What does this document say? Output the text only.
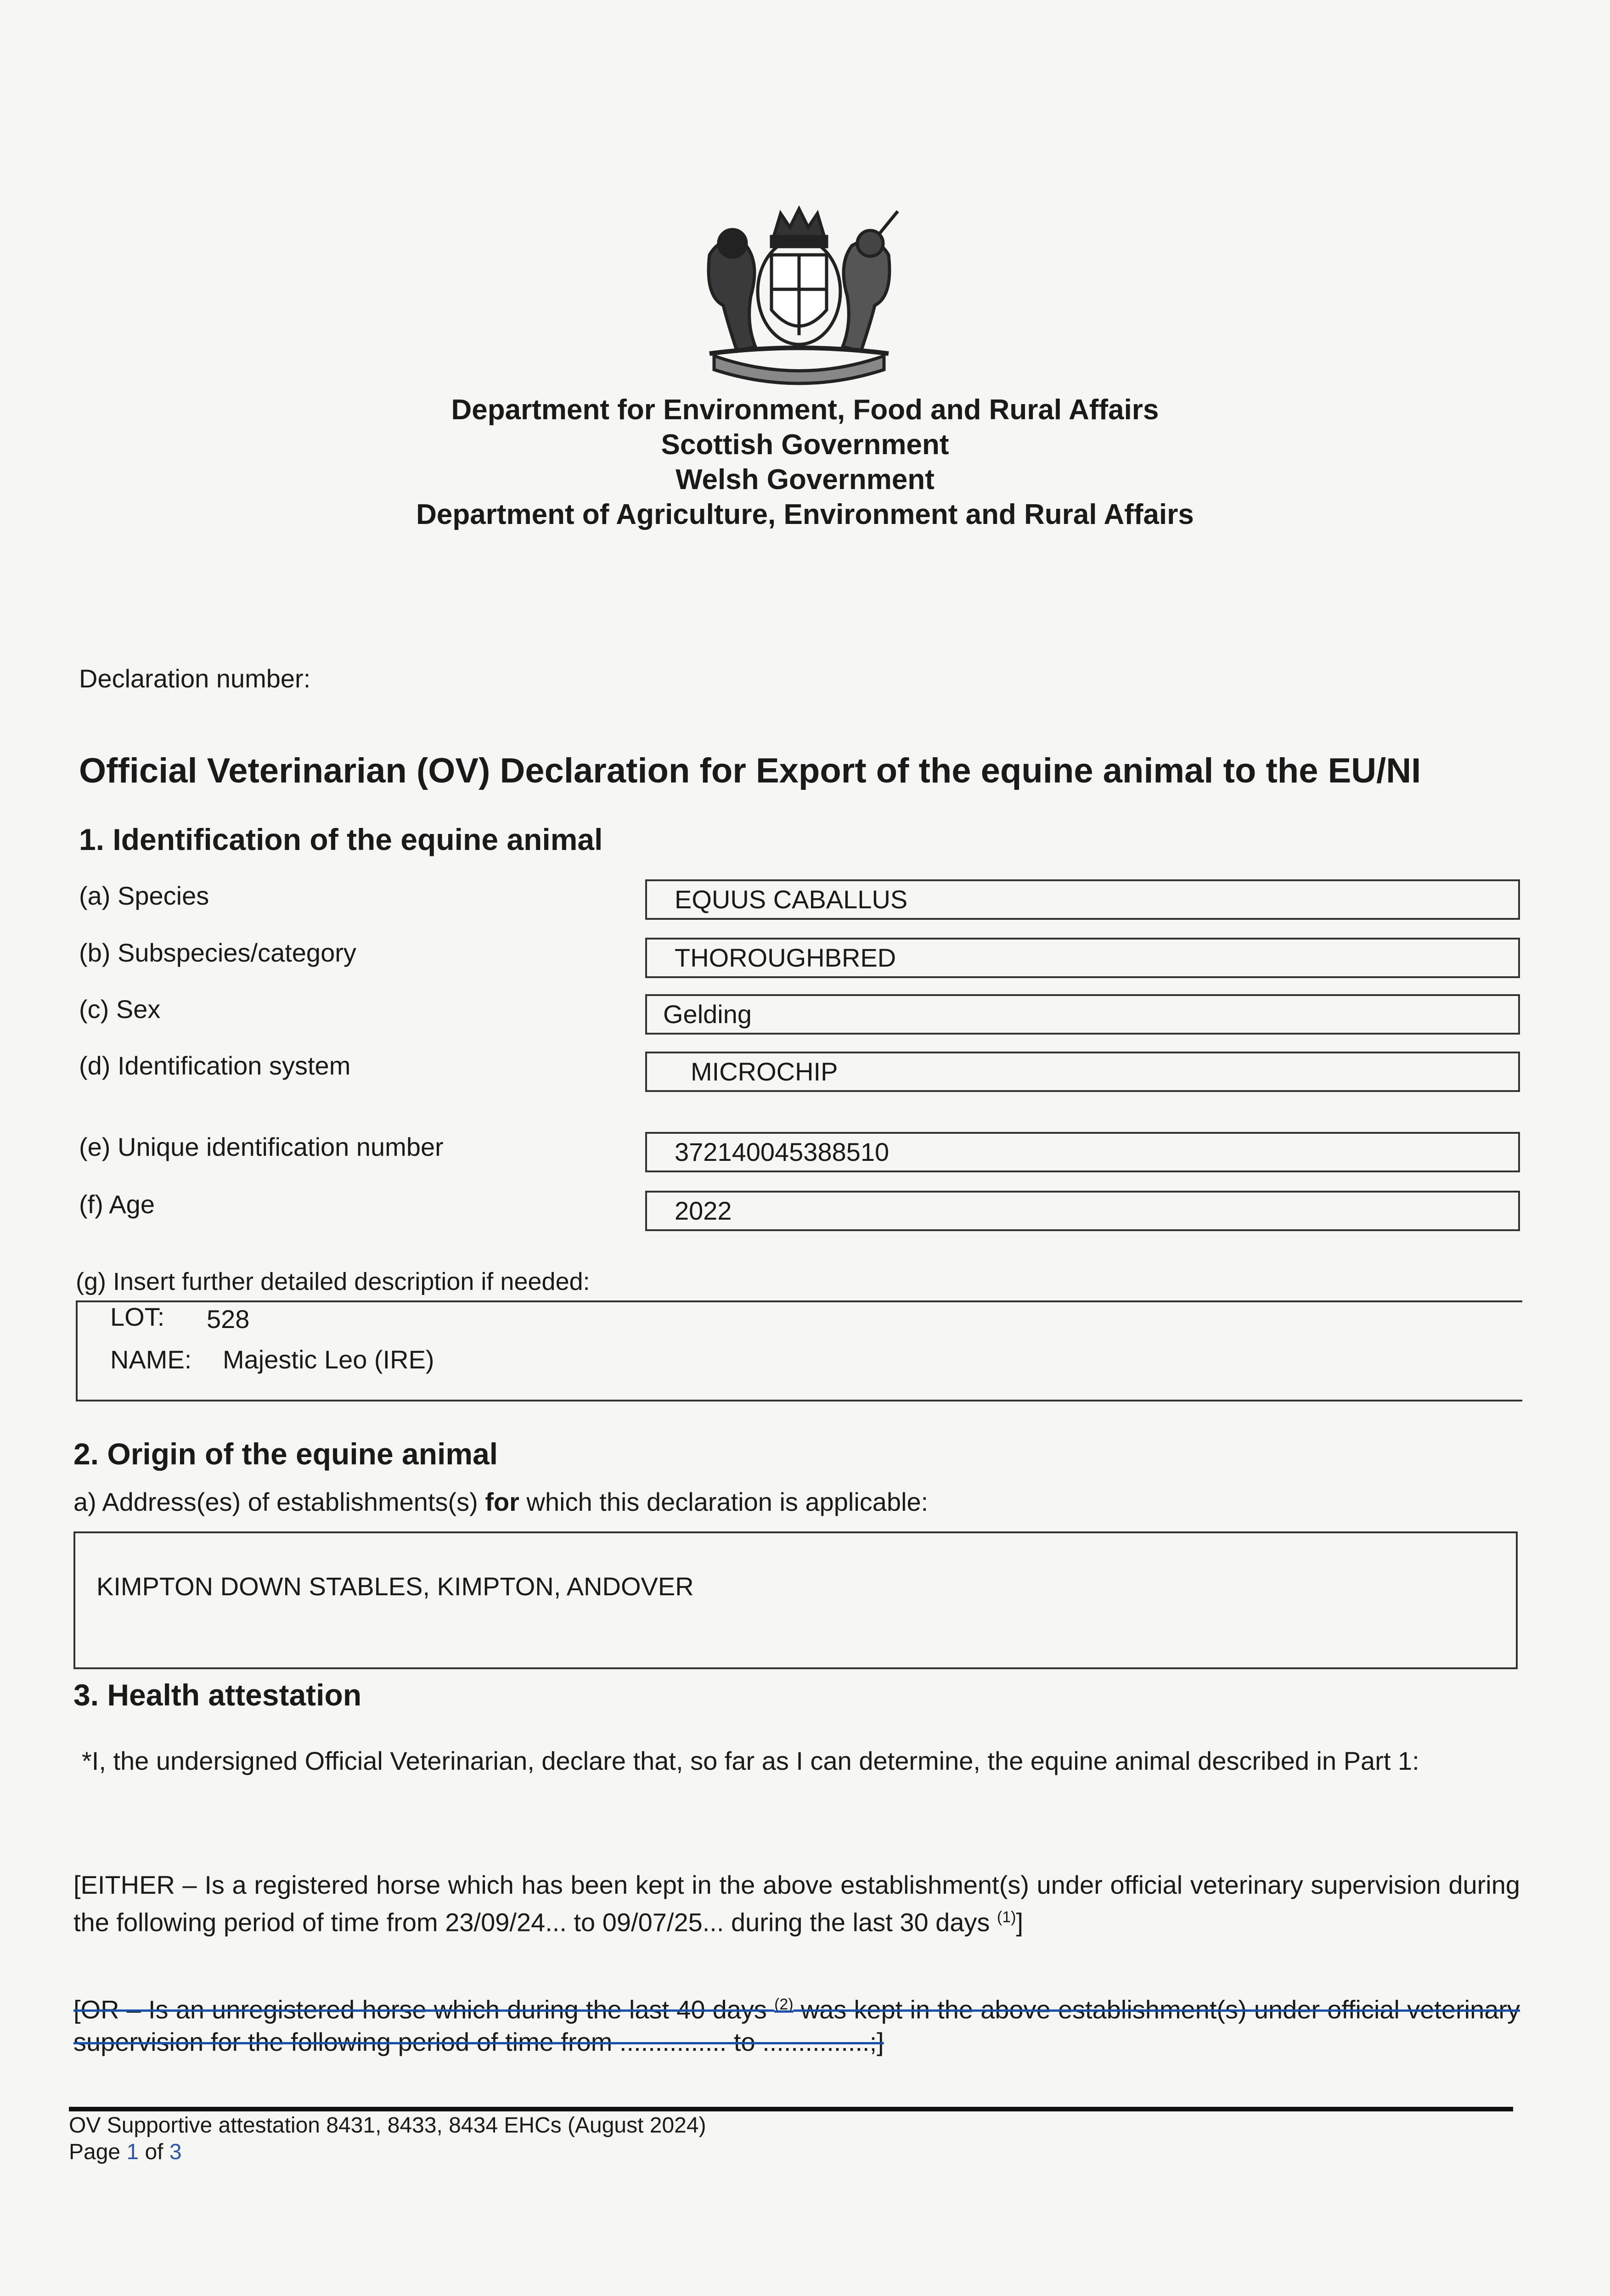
Department for Environment, Food and Rural Affairs
Scottish Government
Welsh Government
Department of Agriculture, Environment and Rural Affairs
Declaration number:
Official Veterinarian (OV) Declaration for Export of the equine animal to the EU/NI
1. Identification of the equine animal
(a) Species	EQUUS CABALLUS
(b) Subspecies/category	THOROUGHBRED
(c) Sex	Gelding
(d) Identification system	MICROCHIP
(e) Unique identification number	372140045388510
(f) Age	2022
(g) Insert further detailed description if needed:
LOT: 528
NAME: Majestic Leo (IRE)
2. Origin of the equine animal
a) Address(es) of establishments(s) for which this declaration is applicable:
KIMPTON DOWN STABLES, KIMPTON, ANDOVER
3. Health attestation
*I, the undersigned Official Veterinarian, declare that, so far as I can determine, the equine animal described in Part 1:
[EITHER – Is a registered horse which has been kept in the above establishment(s) under official veterinary supervision during the following period of time from 23/09/24... to 09/07/25... during the last 30 days $^{(1)}$]
[OR – Is an unregistered horse which during the last 40 days $^{(2)}$ was kept in the above establishment(s) under official veterinary supervision for the following period of time from ............... to ...............;]
OV Supportive attestation 8431, 8433, 8434 EHCs (August 2024)
Page 1 of 3
